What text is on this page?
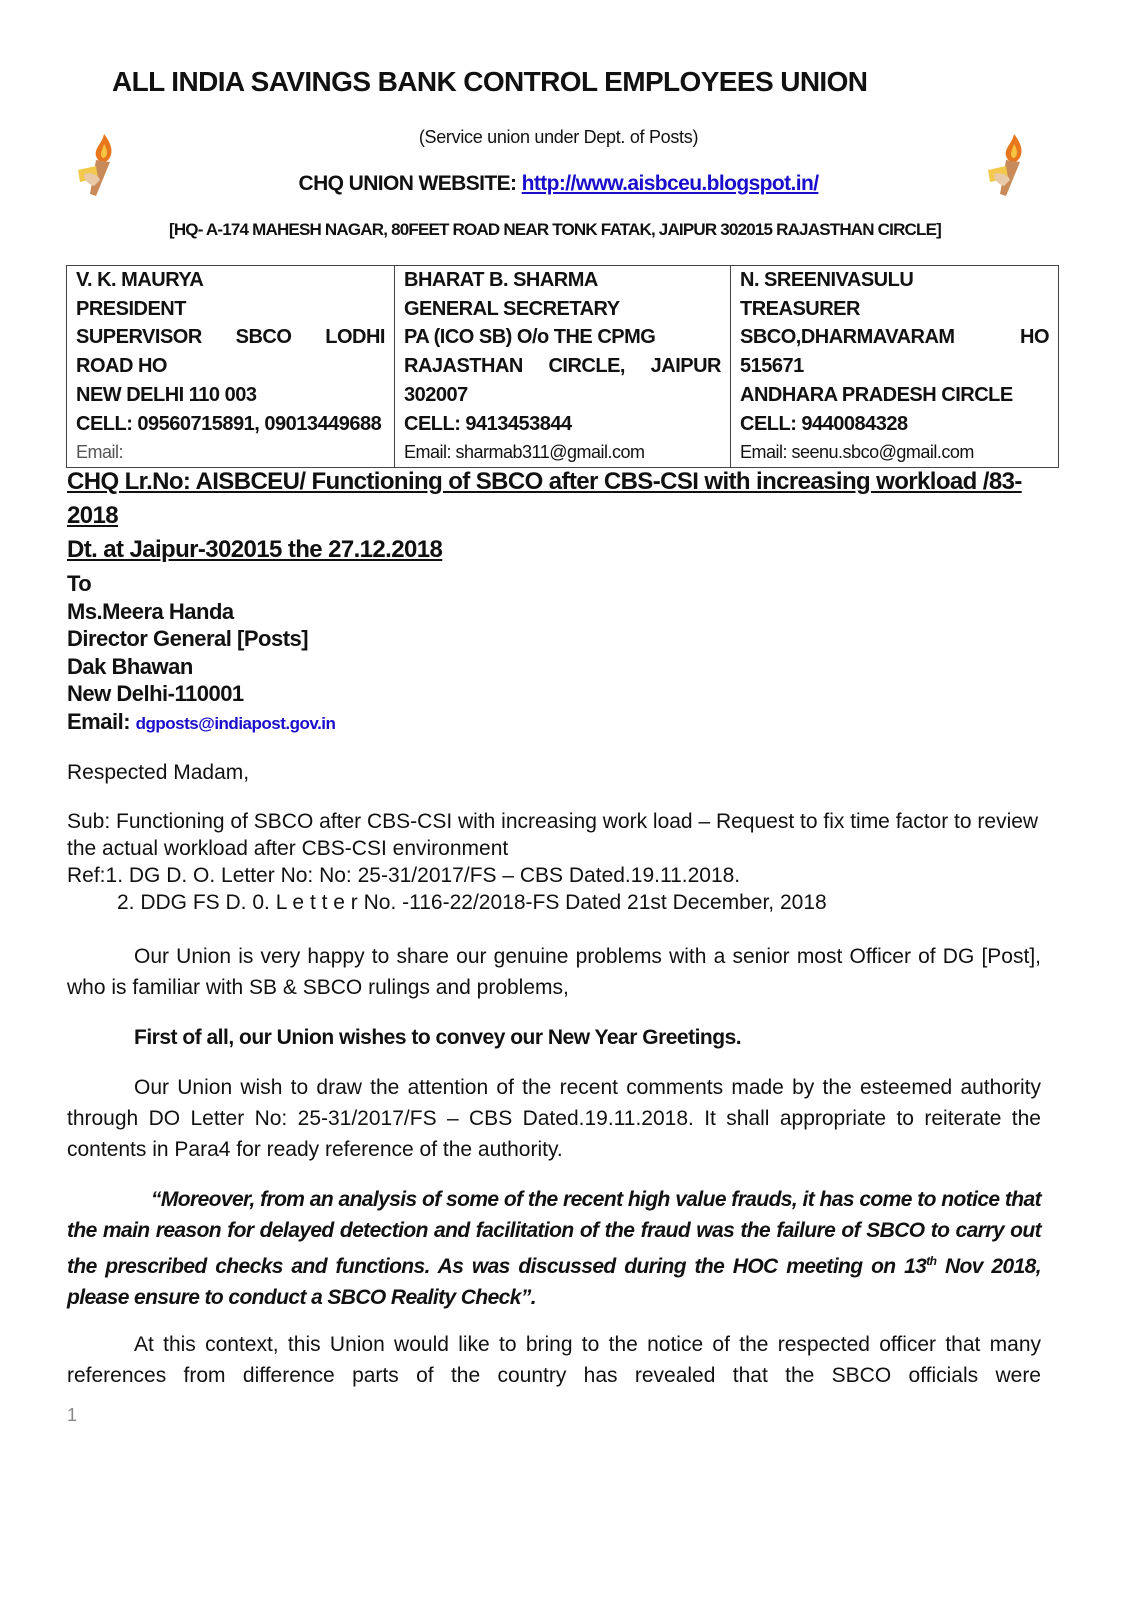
ALL INDIA SAVINGS BANK CONTROL EMPLOYEES UNION
(Service union under Dept. of Posts)
CHQ UNION WEBSITE: http://www.aisbceu.blogspot.in/
[HQ- A-174 MAHESH NAGAR, 80FEET ROAD NEAR TONK FATAK, JAIPUR 302015 RAJASTHAN CIRCLE]
V. K. MAURYA
PRESIDENT
SUPERVISOR SBCO LODHI ROAD HO
NEW DELHI 110 003
CELL: 09560715891, 09013449688
Email:

BHARAT B. SHARMA
GENERAL SECRETARY
PA (ICO SB) O/o THE CPMG
RAJASTHAN CIRCLE, JAIPUR 302007
CELL: 9413453844
Email: sharmab311@gmail.com

N. SREENIVASULU
TREASURER
SBCO,DHARMAVARAM HO 515671
ANDHARA PRADESH CIRCLE
CELL: 9440084328
Email: seenu.sbco@gmail.com
CHQ Lr.No: AISBCEU/ Functioning of SBCO after CBS-CSI with increasing workload /83-
2018
Dt. at Jaipur-302015 the 27.12.2018
To
Ms.Meera Handa
Director General [Posts]
Dak Bhawan
New Delhi-110001
Email: dgposts@indiapost.gov.in
Respected Madam,
Sub: Functioning of SBCO after CBS-CSI with increasing work load – Request to fix time factor to review the actual workload after CBS-CSI environment
Ref:1. DG D. O. Letter No: No: 25-31/2017/FS – CBS Dated.19.11.2018.
2. DDG FS D. 0. L e t t e r No. -116-22/2018-FS Dated 21st December, 2018
Our Union is very happy to share our genuine problems with a senior most Officer of DG [Post], who is familiar with SB & SBCO rulings and problems,
First of all, our Union wishes to convey our New Year Greetings.
Our Union wish to draw the attention of the recent comments made by the esteemed authority through DO Letter No: 25-31/2017/FS – CBS Dated.19.11.2018. It shall appropriate to reiterate the contents in Para4 for ready reference of the authority.
“Moreover, from an analysis of some of the recent high value frauds, it has come to notice that the main reason for delayed detection and facilitation of the fraud was the failure of SBCO to carry out the prescribed checks and functions. As was discussed during the HOC meeting on 13th Nov 2018, please ensure to conduct a SBCO Reality Check”.
At this context, this Union would like to bring to the notice of the respected officer that many references from difference parts of the country has revealed that the SBCO officials were
1
